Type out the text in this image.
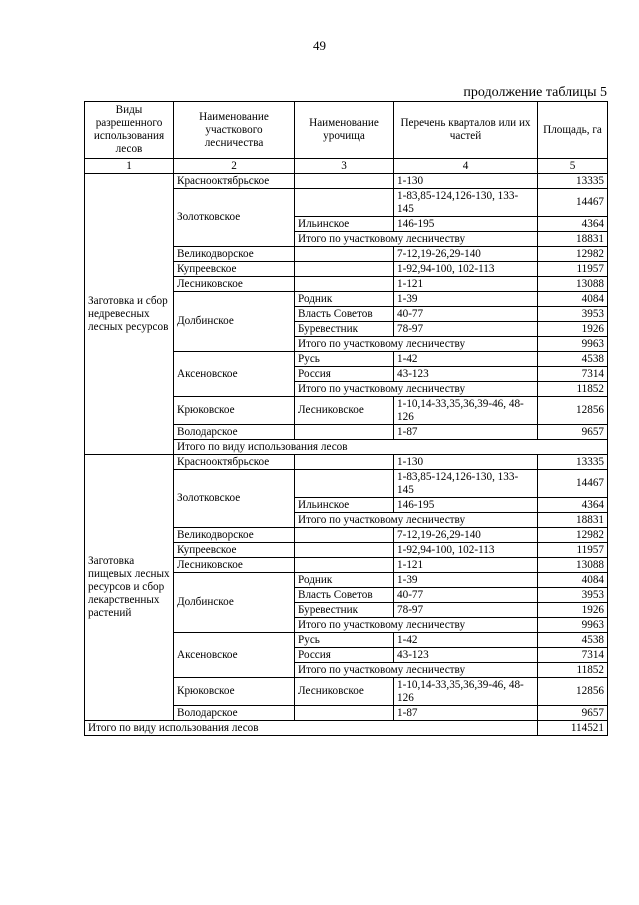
49
продолжение таблицы 5
Виды разрешенного использования лесов	Наименование участкового лесничества	Наименование урочища	Перечень кварталов или их частей	Площадь, га	
1	2	3	4	5	
Заготовка и сбор недревесных лесных ресурсов	Краснооктябрьское		1-130	13335	
	Золотковское		1-83,85-124,126-130, 133-145	14467	
		Ильинское	146-195	4364	
		Итого по участковому лесничеству		18831	
	Великодворское		7-12,19-26,29-140	12982	
	Купреевское		1-92,94-100, 102-113	11957	
	Лесниковское		1-121	13088	
	Долбинское	Родник	1-39	4084	
		Власть Советов	40-77	3953	
		Буревестник	78-97	1926	
		Итого по участковому лесничеству		9963	
	Аксеновское	Русь	1-42	4538	
		Россия	43-123	7314	
		Итого по участковому лесничеству		11852	
	Крюковское	Лесниковское	1-10,14-33,35,36,39-46, 48-126	12856	
	Володарское		1-87	9657	
	Итого по виду использования лесов	
Заготовка пищевых лесных ресурсов и сбор лекарственных растений	Краснооктябрьское		1-130	13335	
	Золотковское		1-83,85-124,126-130, 133-145	14467	
		Ильинское	146-195	4364	
		Итого по участковому лесничеству		18831	
	Великодворское		7-12,19-26,29-140	12982	
	Купреевское		1-92,94-100, 102-113	11957	
	Лесниковское		1-121	13088	
	Долбинское	Родник	1-39	4084	
		Власть Советов	40-77	3953	
		Буревестник	78-97	1926	
		Итого по участковому лесничеству		9963	
	Аксеновское	Русь	1-42	4538	
		Россия	43-123	7314	
		Итого по участковому лесничеству		11852	
	Крюковское	Лесниковское	1-10,14-33,35,36,39-46, 48-126	12856	
	Володарское		1-87	9657	
Итого по виду использования лесов				114521	
